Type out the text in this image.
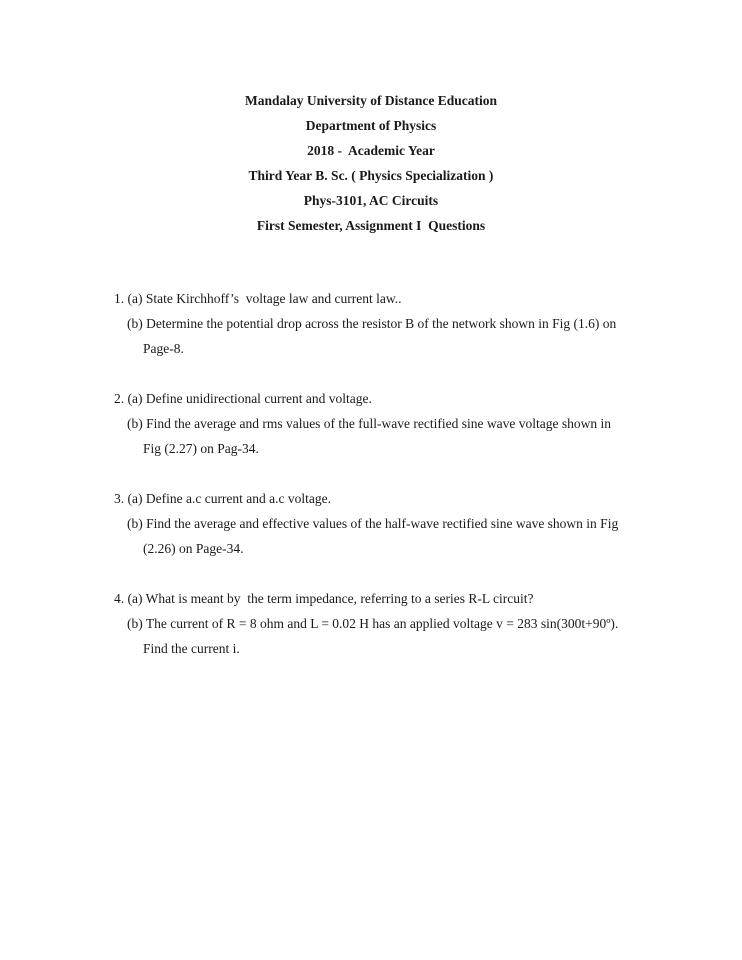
Mandalay University of Distance Education
Department of Physics
2018 -  Academic Year
Third Year B. Sc. ( Physics Specialization )
Phys-3101, AC Circuits
First Semester, Assignment I  Questions
1. (a) State Kirchhoff’s  voltage law and current law..
(b) Determine the potential drop across the resistor B of the network shown in Fig (1.6) on
Page-8.
2. (a) Define unidirectional current and voltage.
(b) Find the average and rms values of the full-wave rectified sine wave voltage shown in
Fig (2.27) on Pag-34.
3. (a) Define a.c current and a.c voltage.
(b) Find the average and effective values of the half-wave rectified sine wave shown in Fig
(2.26) on Page-34.
4. (a) What is meant by  the term impedance, referring to a series R-L circuit?
(b) The current of R = 8 ohm and L = 0.02 H has an applied voltage v = 283 sin(300t+90º).
Find the current i.
